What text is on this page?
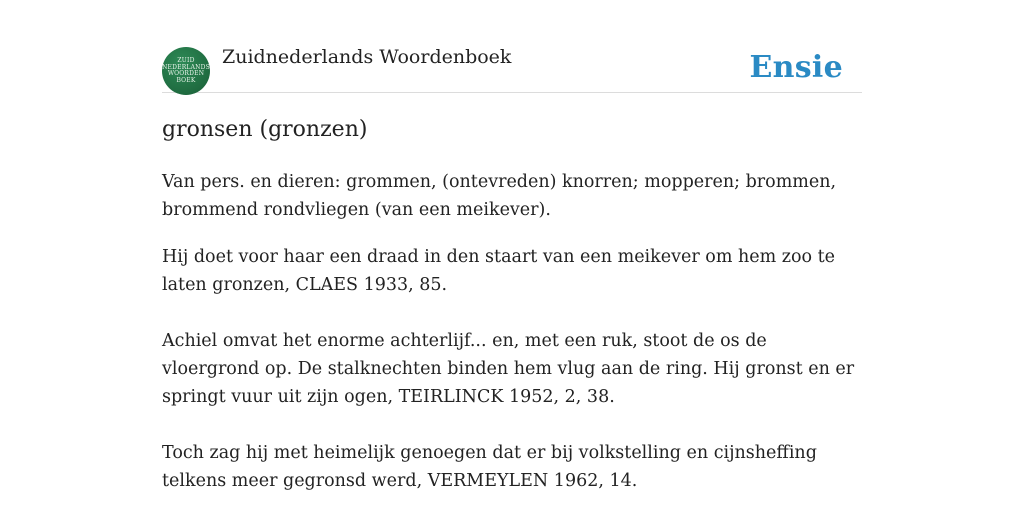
ZUID
NEDERLANDS
WOORDEN
BOEK
Zuidnederlands Woordenboek	Ensie
gronsen (gronzen)

Van pers. en dieren: grommen, (ontevreden) knorren; mopperen; brommen, brommend rondvliegen (van een meikever).

Hij doet voor haar een draad in den staart van een meikever om hem zoo te laten gronzen, CLAES 1933, 85.

Achiel omvat het enorme achterlijf... en, met een ruk, stoot de os de vloergrond op. De stalknechten binden hem vlug aan de ring. Hij gronst en er springt vuur uit zijn ogen, TEIRLINCK 1952, 2, 38.

Toch zag hij met heimelijk genoegen dat er bij volkstelling en cijnsheffing telkens meer gegronsd werd, VERMEYLEN 1962, 14.
